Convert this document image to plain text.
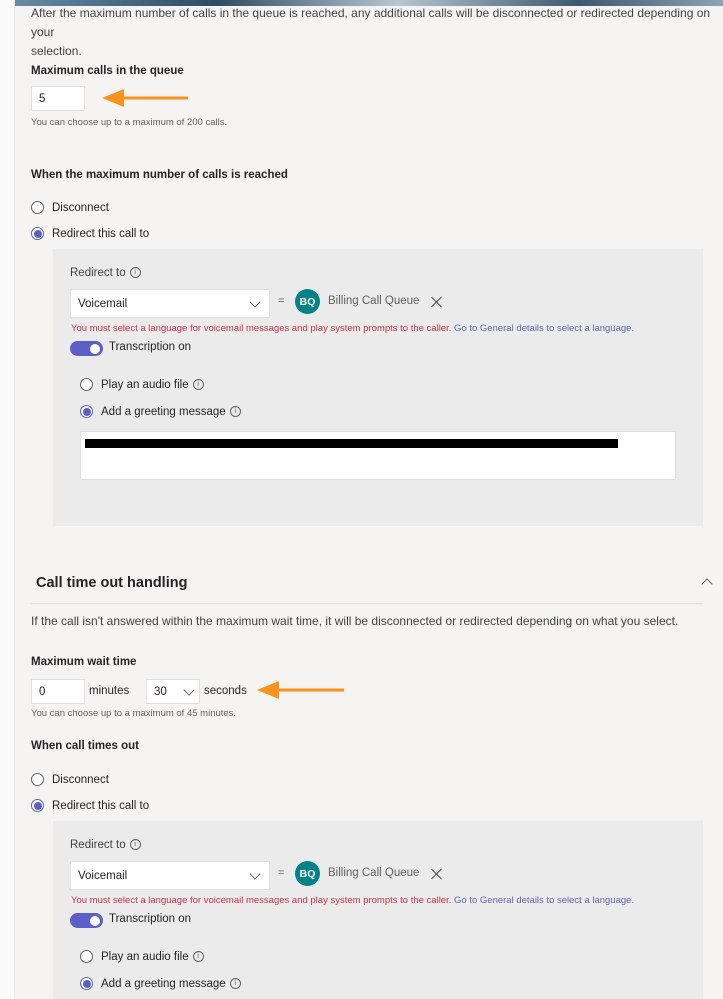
After the maximum number of calls in the queue is reached, any additional calls will be disconnected or redirected depending on your
selection.
Maximum calls in the queue
5
You can choose up to a maximum of 200 calls.
When the maximum number of calls is reached
Disconnect
Redirect this call to
Redirect to i
Voicemail	=	BQ	Billing Call Queue
You must select a language for voicemail messages and play system prompts to the caller. Go to General details to select a language.
Transcription on
Play an audio file	i
Add a greeting message	i
Call time out handling
If the call isn't answered within the maximum wait time, it will be disconnected or redirected depending on what you select.
Maximum wait time
0	minutes 30	seconds
You can choose up to a maximum of 45 minutes.
When call times out
Disconnect
Redirect this call to
Redirect to i
Voicemail	=	BQ	Billing Call Queue
You must select a language for voicemail messages and play system prompts to the caller. Go to General details to select a language.
Transcription on
Play an audio file	i
Add a greeting message	i
